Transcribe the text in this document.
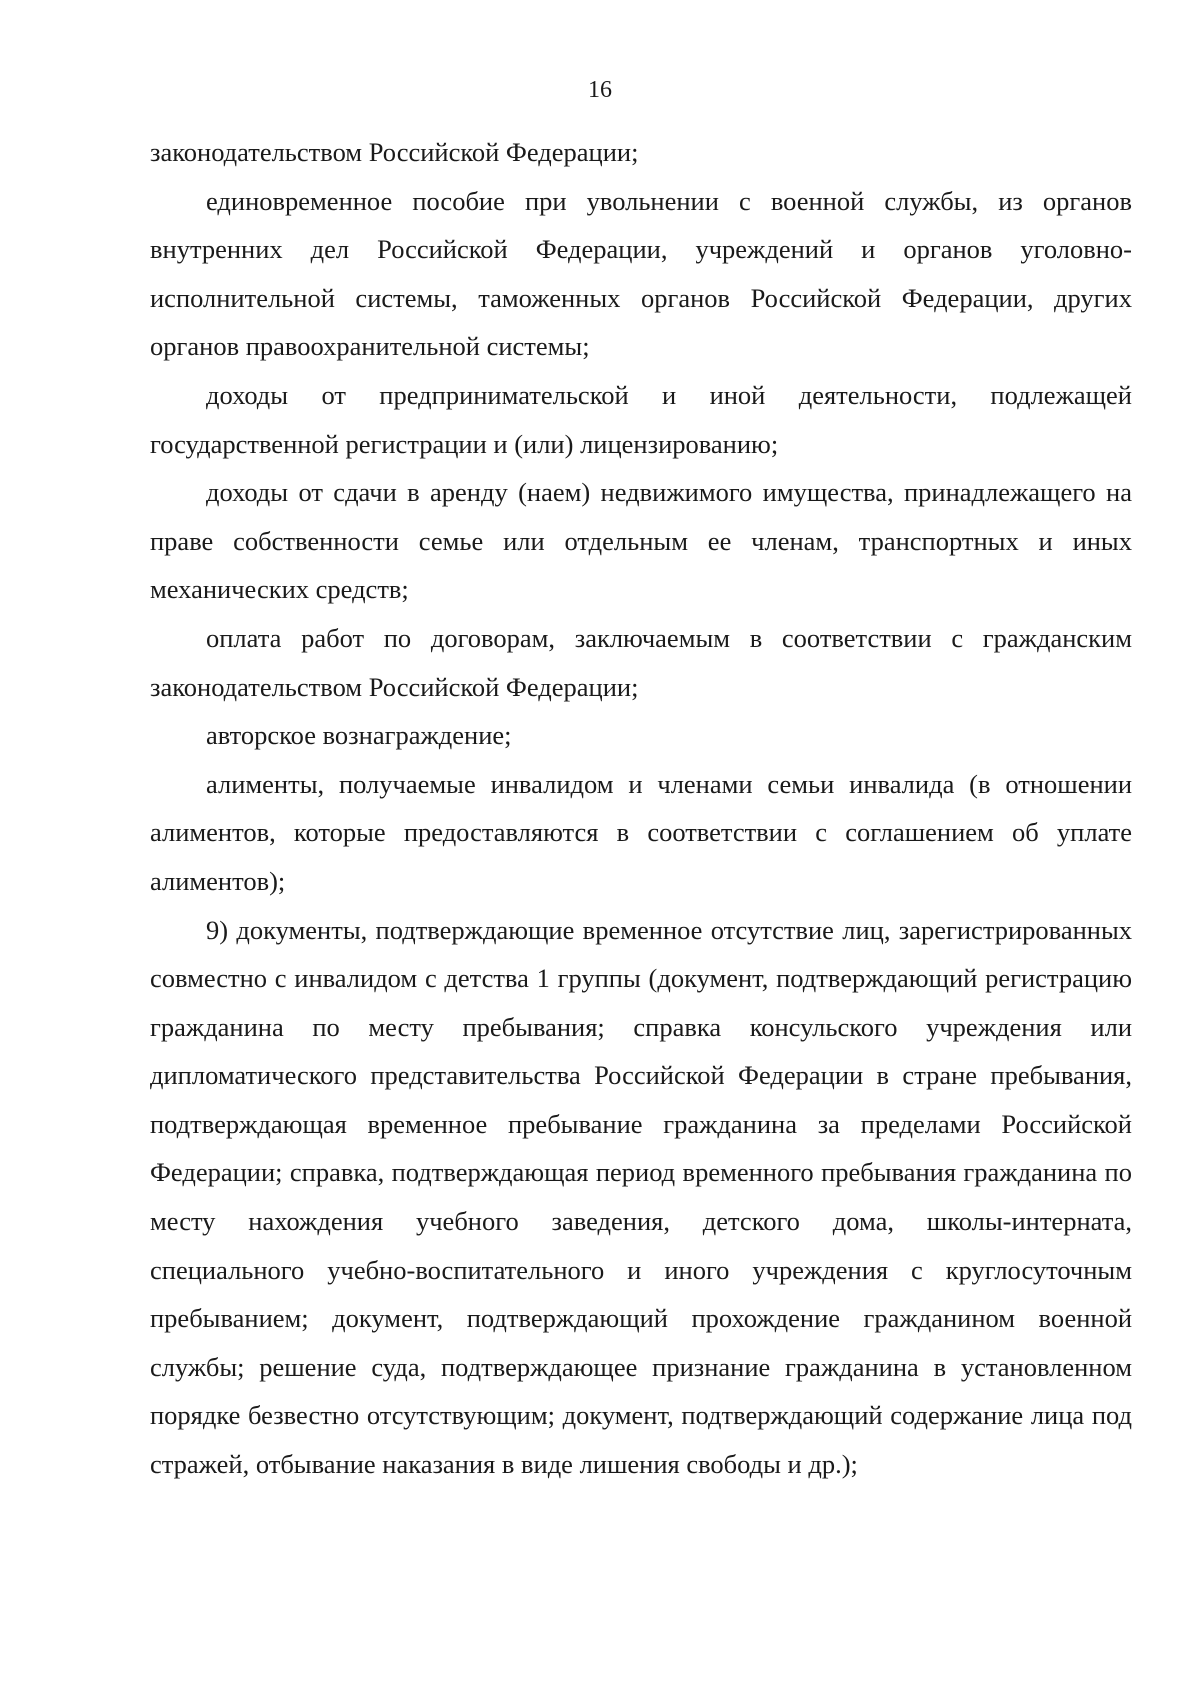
16

законодательством Российской Федерации;

единовременное пособие при увольнении с военной службы, из органов внутренних дел Российской Федерации, учреждений и органов уголовно-исполнительной системы, таможенных органов Российской Федерации, других органов правоохранительной системы;

доходы от предпринимательской и иной деятельности, подлежащей государственной регистрации и (или) лицензированию;

доходы от сдачи в аренду (наем) недвижимого имущества, принадлежащего на праве собственности семье или отдельным ее членам, транспортных и иных механических средств;

оплата работ по договорам, заключаемым в соответствии с гражданским законодательством Российской Федерации;

авторское вознаграждение;

алименты, получаемые инвалидом и членами семьи инвалида (в отношении алиментов, которые предоставляются в соответствии с соглашением об уплате алиментов);

9) документы, подтверждающие временное отсутствие лиц, зарегистрированных совместно с инвалидом с детства 1 группы (документ, подтверждающий регистрацию гражданина по месту пребывания; справка консульского учреждения или дипломатического представительства Российской Федерации в стране пребывания, подтверждающая временное пребывание гражданина за пределами Российской Федерации; справка, подтверждающая период временного пребывания гражданина по месту нахождения учебного заведения, детского дома, школы-интерната, специального учебно-воспитательного и иного учреждения с круглосуточным пребыванием; документ, подтверждающий прохождение гражданином военной службы; решение суда, подтверждающее признание гражданина в установленном порядке безвестно отсутствующим; документ, подтверждающий содержание лица под стражей, отбывание наказания в виде лишения свободы и др.);
